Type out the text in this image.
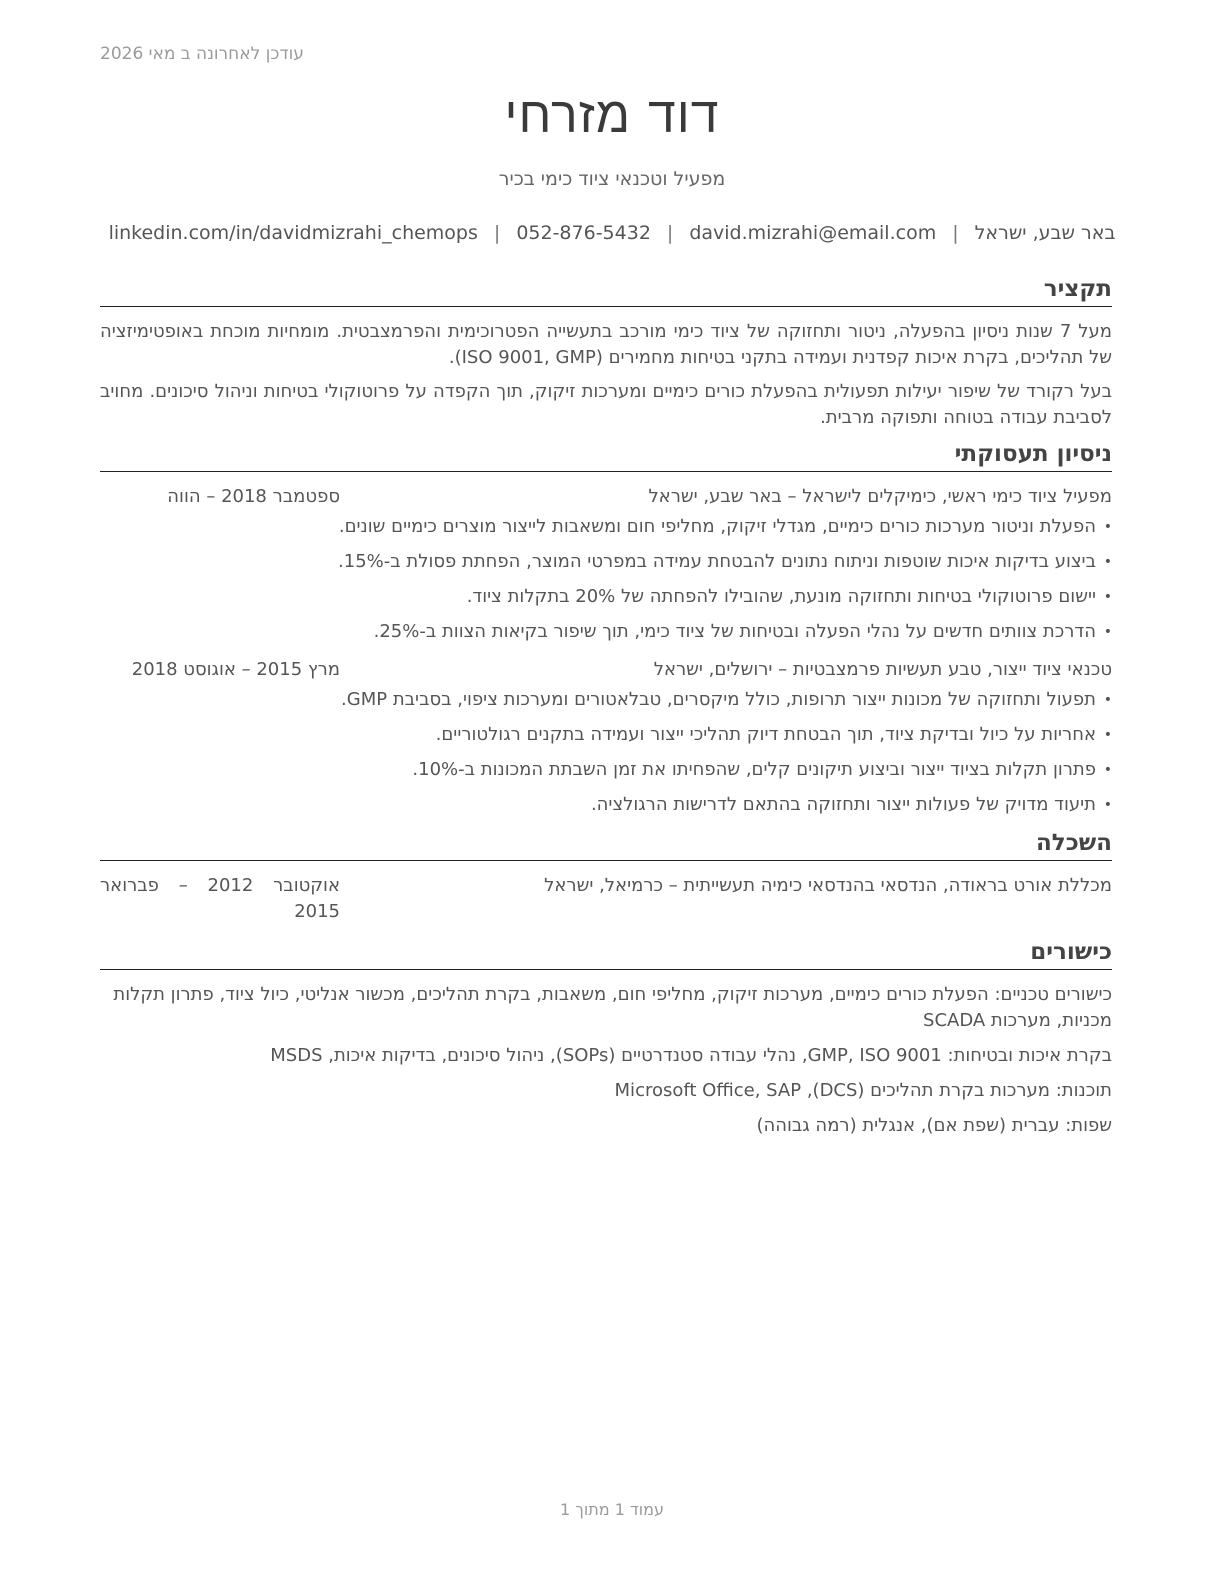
עודכן לאחרונה ב מאי 2026
דוד מזרחי
מפעיל וטכנאי ציוד כימי בכיר
באר שבע, ישראל|david.mizrahi@email.com|052-876-5432|linkedin.com/in/davidmizrahi_chemops
תקציר

מעל 7 שנות ניסיון בהפעלה, ניטור ותחזוקה של ציוד כימי מורכב בתעשייה הפטרוכימית והפרמצבטית. מומחיות מוכחת באופטימיזציה של תהליכים, בקרת איכות קפדנית ועמידה בתקני בטיחות מחמירים (ISO 9001, GMP).

בעל רקורד של שיפור יעילות תפעולית בהפעלת כורים כימיים ומערכות זיקוק, תוך הקפדה על פרוטוקולי בטיחות וניהול סיכונים. מחויב לסביבת עבודה בטוחה ותפוקה מרבית.

ניסיון תעסוקתי
מפעיל ציוד כימי ראשי, כימיקלים לישראל – באר שבע, ישראל
ספטמבר 2018 – הווה
• הפעלת וניטור מערכות כורים כימיים, מגדלי זיקוק, מחליפי חום ומשאבות לייצור מוצרים כימיים שונים.
• ביצוע בדיקות איכות שוטפות וניתוח נתונים להבטחת עמידה במפרטי המוצר, הפחתת פסולת ב-15%.
• יישום פרוטוקולי בטיחות ותחזוקה מונעת, שהובילו להפחתה של 20% בתקלות ציוד.
• הדרכת צוותים חדשים על נהלי הפעלה ובטיחות של ציוד כימי, תוך שיפור בקיאות הצוות ב-25%.
טכנאי ציוד ייצור, טבע תעשיות פרמצבטיות – ירושלים, ישראל
מרץ 2015 – אוגוסט 2018
• תפעול ותחזוקה של מכונות ייצור תרופות, כולל מיקסרים, טבלאטורים ומערכות ציפוי, בסביבת GMP.
• אחריות על כיול ובדיקת ציוד, תוך הבטחת דיוק תהליכי ייצור ועמידה בתקנים רגולטוריים.
• פתרון תקלות בציוד ייצור וביצוע תיקונים קלים, שהפחיתו את זמן השבתת המכונות ב-10%.
• תיעוד מדויק של פעולות ייצור ותחזוקה בהתאם לדרישות הרגולציה.
השכלה
מכללת אורט בראודה, הנדסאי בהנדסאי כימיה תעשייתית – כרמיאל, ישראל
אוקטובר 2012 – פברואר 2015
כישורים

כישורים טכניים: הפעלת כורים כימיים, מערכות זיקוק, מחליפי חום, משאבות, בקרת תהליכים, מכשור אנליטי, כיול ציוד, פתרון תקלות מכניות, מערכות SCADA

בקרת איכות ובטיחות: GMP, ISO 9001, נהלי עבודה סטנדרטיים (SOPs), ניהול סיכונים, בדיקות איכות, MSDS

תוכנות: מערכות בקרת תהליכים (DCS), Microsoft Office, SAP

שפות: עברית (שפת אם), אנגלית (רמה גבוהה)

עמוד 1 מתוך 1
